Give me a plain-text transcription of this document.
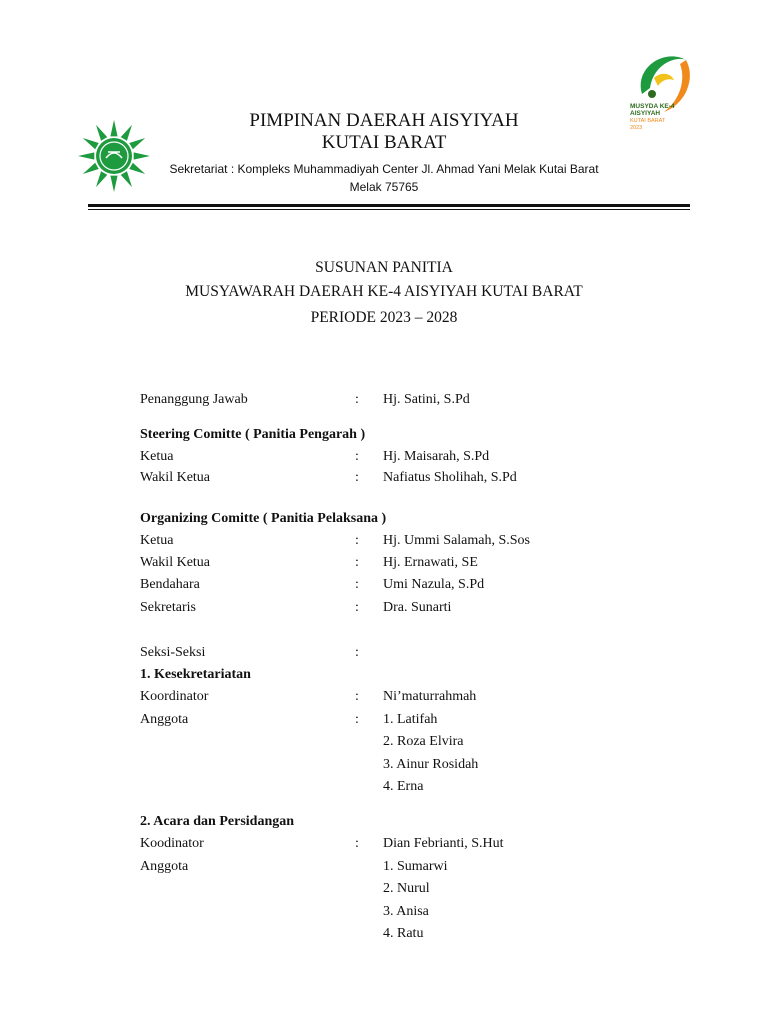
MUSYDA KE-4
AISYIYAH
KUTAI BARAT
2023
PIMPINAN DAERAH AISYIYAH
KUTAI BARAT
Sekretariat : Kompleks Muhammadiyah Center Jl. Ahmad Yani Melak Kutai Barat
Melak 75765
SUSUNAN PANITIA
MUSYAWARAH DAERAH KE-4 AISYIYAH KUTAI BARAT
PERIODE 2023 – 2028
Penanggung Jawab	: Hj. Satini, S.Pd
Steering Comitte ( Panitia Pengarah )
Ketua	: Hj. Maisarah, S.Pd
Wakil Ketua	: Nafiatus Sholihah, S.Pd
Organizing Comitte ( Panitia Pelaksana )
Ketua	: Hj. Ummi Salamah, S.Sos
Wakil Ketua	: Hj. Ernawati, SE
Bendahara	: Umi Nazula, S.Pd
Sekretaris	: Dra. Sunarti
Seksi-Seksi	:
1. Kesekretariatan
Koordinator	: Ni’maturrahmah
Anggota	: 1. Latifah
2. Roza Elvira
3. Ainur Rosidah
4. Erna
2. Acara dan Persidangan
Koodinator	: Dian Febrianti, S.Hut
Anggota	1. Sumarwi
2. Nurul
3. Anisa
4. Ratu
